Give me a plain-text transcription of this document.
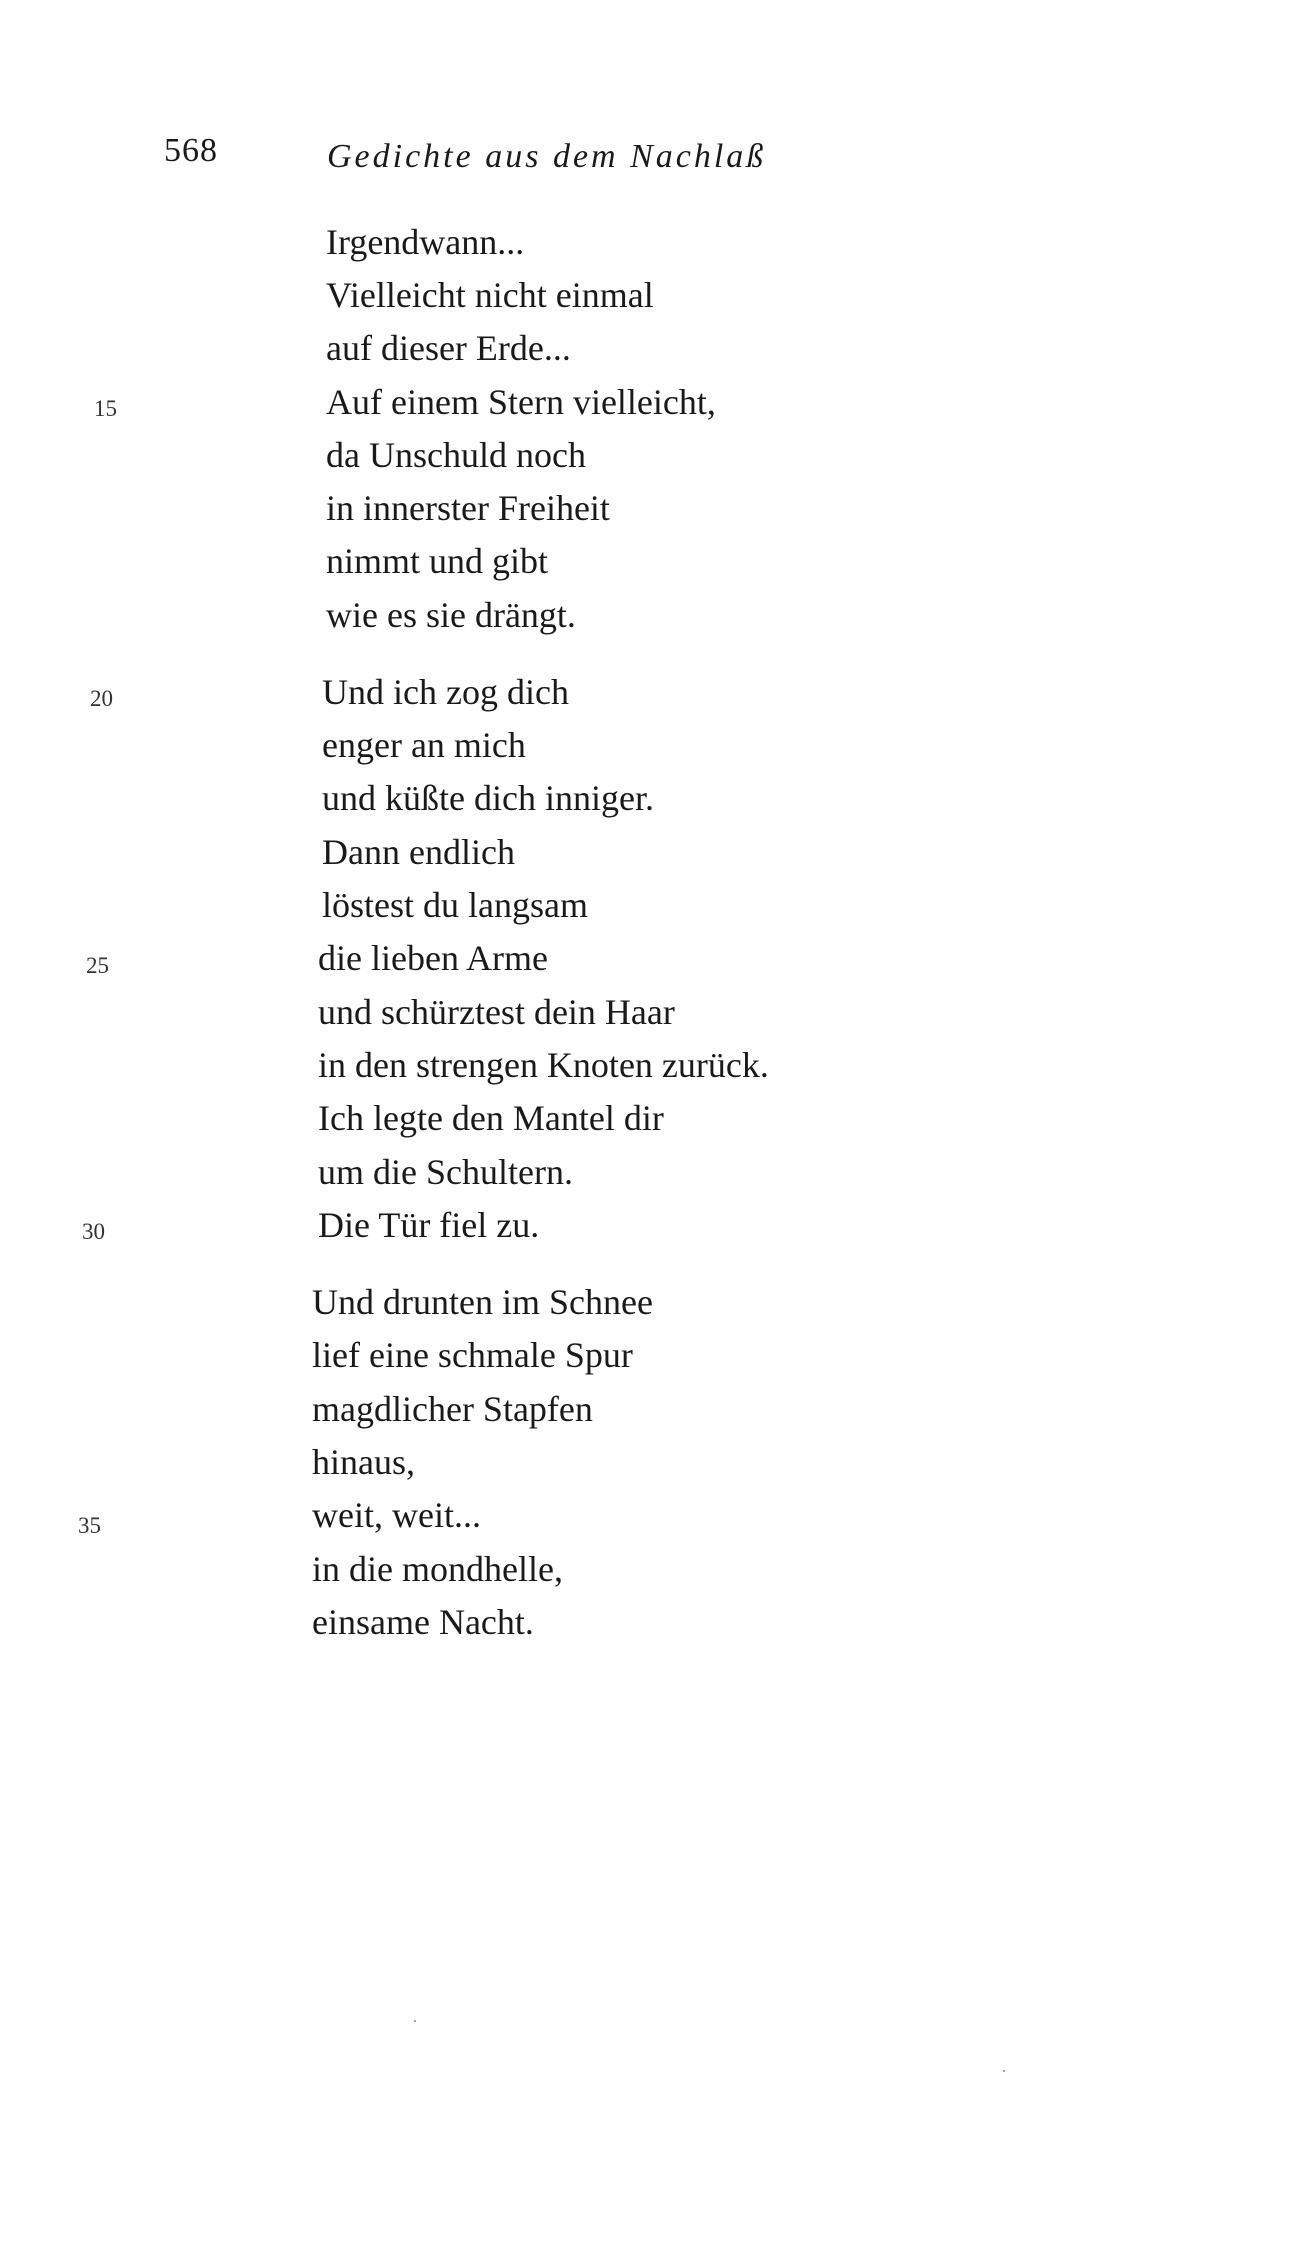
568	Gedichte aus dem Nachlaß
Irgendwann...
Vielleicht nicht einmal
auf dieser Erde...
Auf einem Stern vielleicht,
da Unschuld noch
in innerster Freiheit
nimmt und gibt
wie es sie drängt.
Und ich zog dich
enger an mich
und küßte dich inniger.
Dann endlich
löstest du langsam
die lieben Arme
und schürztest dein Haar
in den strengen Knoten zurück.
Ich legte den Mantel dir
um die Schultern.
Die Tür fiel zu.
Und drunten im Schnee
lief eine schmale Spur
magdlicher Stapfen
hinaus,
weit, weit...
in die mondhelle,
einsame Nacht.
15
20
25
30
35
